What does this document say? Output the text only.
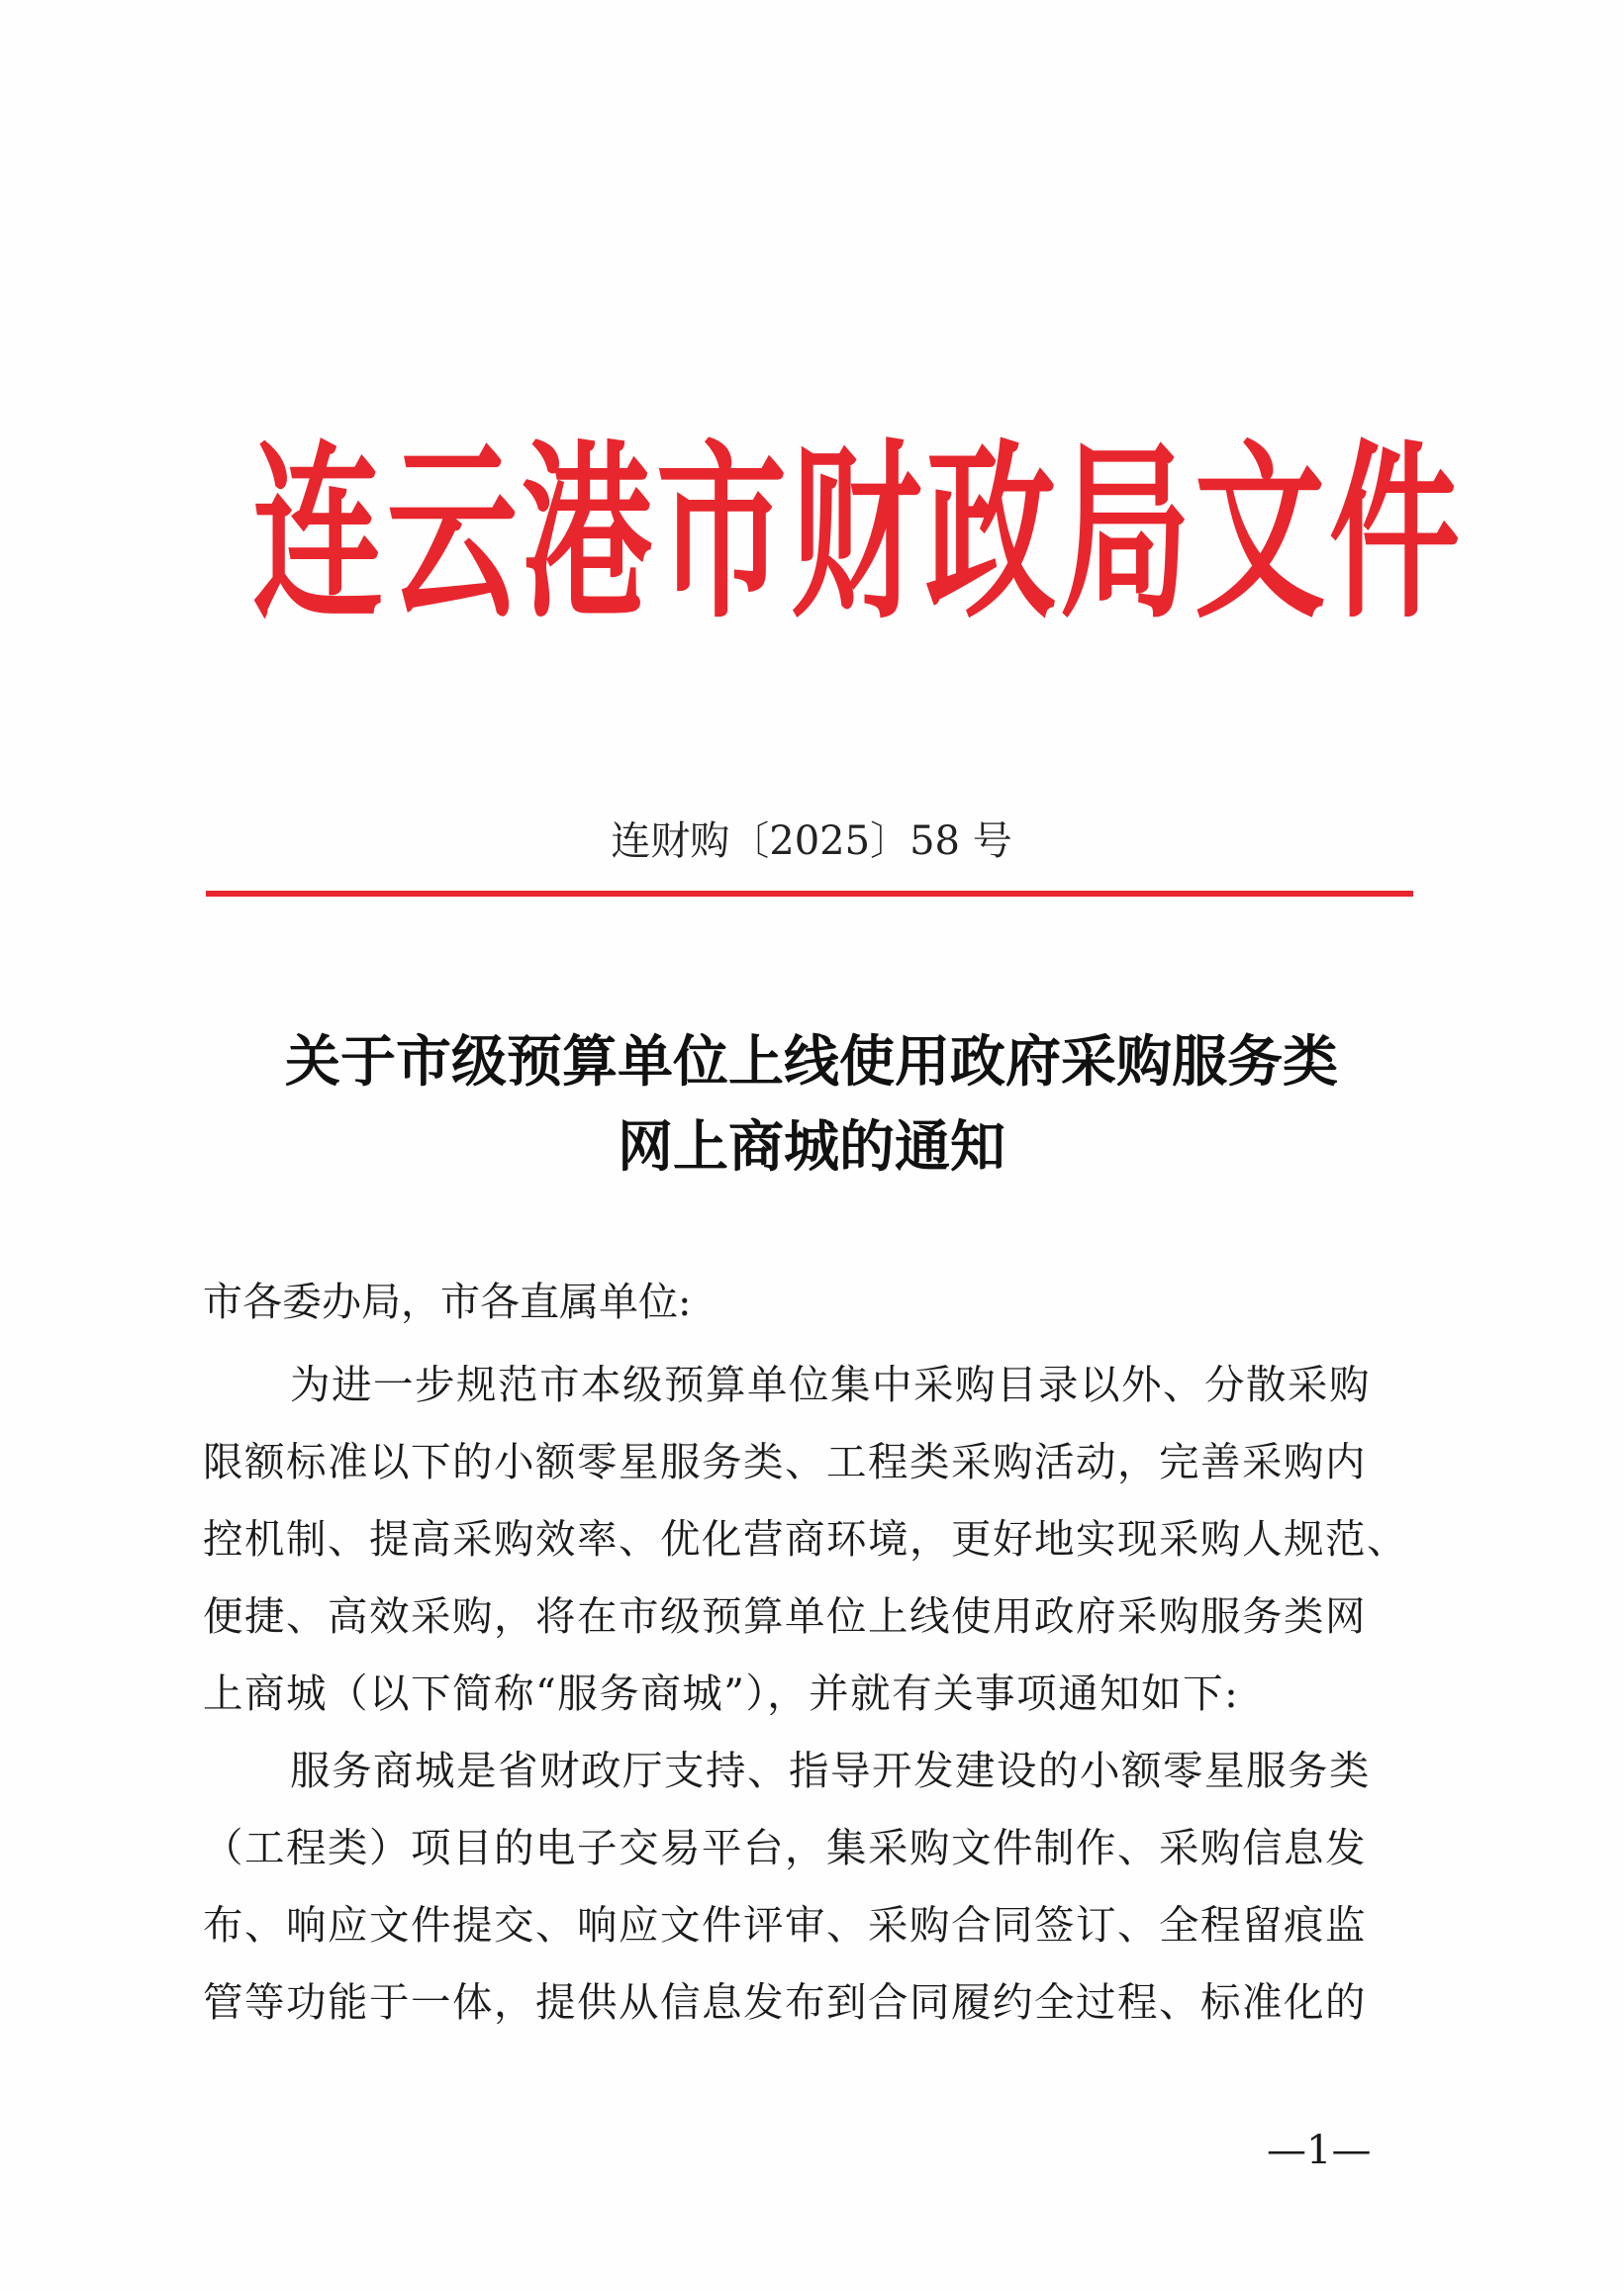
连云港市财政局文件
连财购〔2025〕58 号
关于市级预算单位上线使用政府采购服务类
网上商城的通知
市各委办局，市各直属单位:
为进一步规范市本级预算单位集中采购目录以外、分散采购
限额标准以下的小额零星服务类、工程类采购活动，完善采购内
控机制、提高采购效率、优化营商环境，更好地实现采购人规范、
便捷、高效采购，将在市级预算单位上线使用政府采购服务类网
上商城（以下简称“服务商城”），并就有关事项通知如下:
服务商城是省财政厅支持、指导开发建设的小额零星服务类
（工程类）项目的电子交易平台，集采购文件制作、采购信息发
布、响应文件提交、响应文件评审、采购合同签订、全程留痕监
管等功能于一体，提供从信息发布到合同履约全过程、标准化的
—1—
